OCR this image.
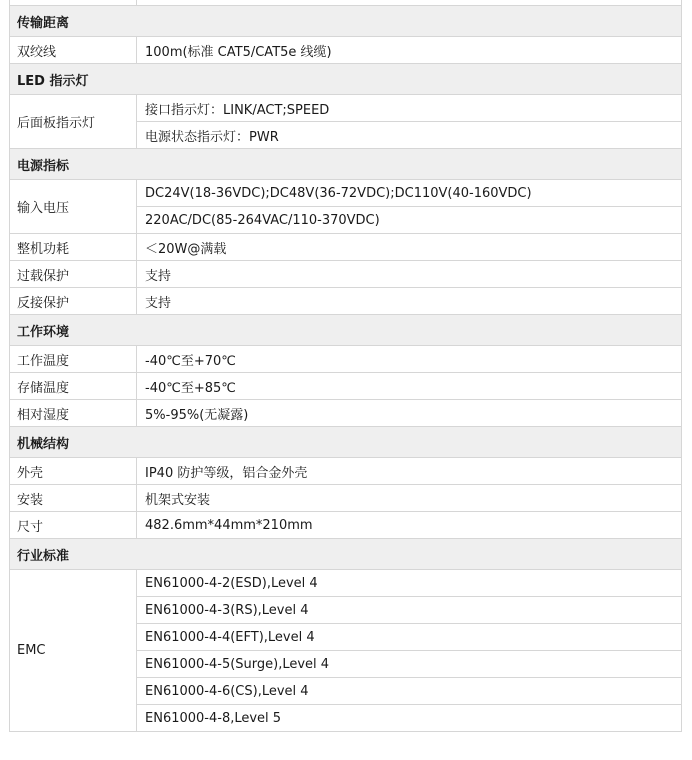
传输距离	
双绞线	100m(标准 CAT5/CAT5e 线缆)
LED 指示灯	
后面板指示灯	接口指示灯：LINK/ACT;SPEED
	电源状态指示灯：PWR
电源指标	
输入电压	DC24V(18-36VDC);DC48V(36-72VDC);DC110V(40-160VDC)
	220AC/DC(85-264VAC/110-370VDC)
整机功耗	＜20W@满载
过载保护	支持
反接保护	支持
工作环境	
工作温度	-40℃至+70℃
存储温度	-40℃至+85℃
相对湿度	5%-95%(无凝露)
机械结构	
外壳	IP40 防护等级，铝合金外壳
安装	机架式安装
尺寸	482.6mm*44mm*210mm
行业标准	
EMC	EN61000-4-2(ESD),Level 4
	EN61000-4-3(RS),Level 4
	EN61000-4-4(EFT),Level 4
	EN61000-4-5(Surge),Level 4
	EN61000-4-6(CS),Level 4
	EN61000-4-8,Level 5
